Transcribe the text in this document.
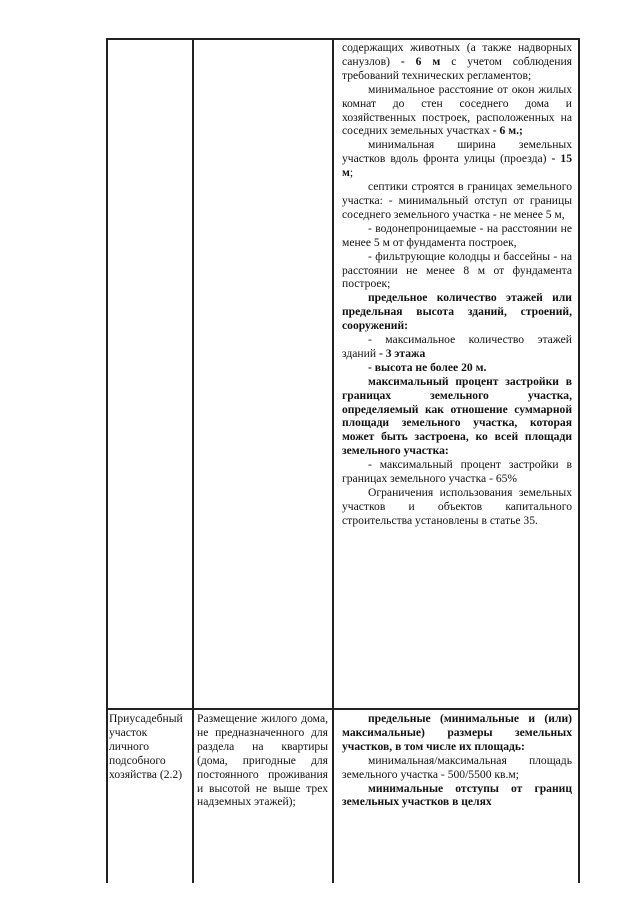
содержащих животных (а также надворных санузлов) - 6 м с учетом соблюдения требований технических регламентов;

минимальное расстояние от окон жилых комнат до стен соседнего дома и хозяйственных построек, расположенных на соседних земельных участках - 6 м.;

минимальная ширина земельных участков вдоль фронта улицы (проезда) - 15 м;

септики строятся в границах земельного участка: - минимальный отступ от границы соседнего земельного участка - не менее 5 м,

- водонепроницаемые - на расстоянии не менее 5 м от фундамента построек,

- фильтрующие колодцы и бассейны - на расстоянии не менее 8 м от фундамента построек;

предельное количество этажей или предельная высота зданий, строений, сооружений:

- максимальное количество этажей зданий - 3 этажа

- высота не более 20 м.

максимальный процент застройки в границах земельного участка, определяемый как отношение суммарной площади земельного участка, которая может быть застроена, ко всей площади земельного участка:

- максимальный процент застройки в границах земельного участка - 65%

Ограничения использования земельных участков и объектов капитального строительства установлены в статье 35.

Приусадебный участок личного подсобного хозяйства (2.2)

Размещение жилого дома, не предназначенного для раздела на квартиры (дома, пригодные для постоянного проживания и высотой не выше трех надземных этажей);

предельные (минимальные и (или) максимальные) размеры земельных участков, в том числе их площадь:

минимальная/максимальная площадь земельного участка - 500/5500 кв.м;

минимальные отступы от границ земельных участков в целях
